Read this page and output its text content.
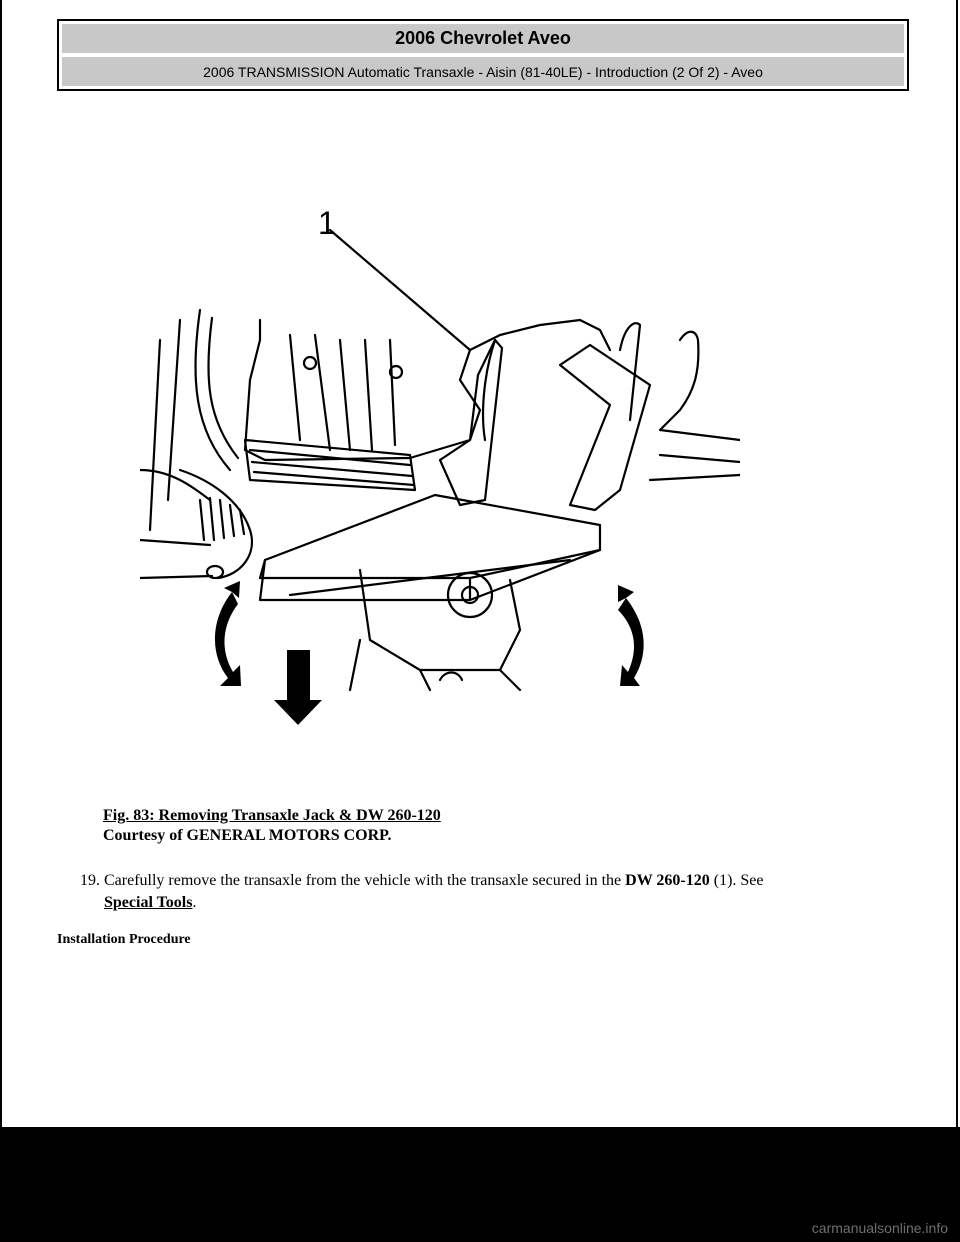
2006 Chevrolet Aveo
2006 TRANSMISSION Automatic Transaxle - Aisin (81-40LE) - Introduction (2 Of 2) - Aveo
1
Fig. 83: Removing Transaxle Jack & DW 260-120
Courtesy of GENERAL MOTORS CORP.
19. Carefully remove the transaxle from the vehicle with the transaxle secured in the DW 260-120 (1). See
Special Tools.
Installation Procedure
carmanualsonline.info
